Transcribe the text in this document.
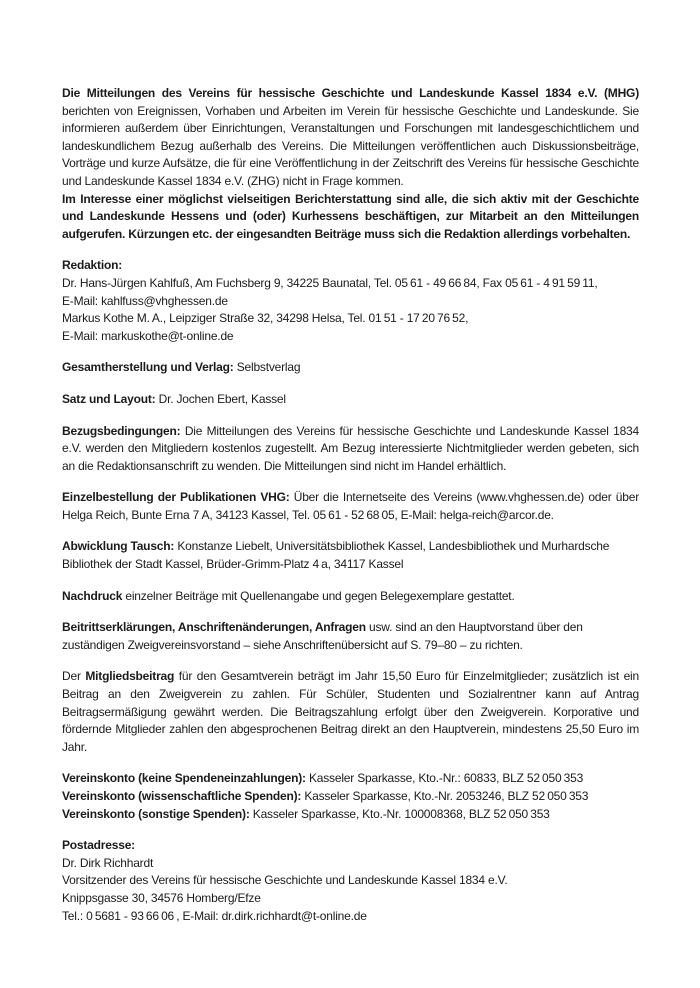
Die Mitteilungen des Vereins für hessische Geschichte und Landeskunde Kassel 1834 e.V. (MHG) berichten von Ereignissen, Vorhaben und Arbeiten im Verein für hessische Geschichte und Landeskunde. Sie informieren außerdem über Einrichtungen, Veranstaltungen und Forschungen mit landesgeschichtlichem und landeskundlichem Bezug außerhalb des Vereins. Die Mitteilungen veröffentlichen auch Diskussionsbeiträge, Vorträge und kurze Aufsätze, die für eine Veröffentlichung in der Zeitschrift des Vereins für hessische Geschichte und Landeskunde Kassel 1834 e.V. (ZHG) nicht in Frage kommen.
Im Interesse einer möglichst vielseitigen Berichterstattung sind alle, die sich aktiv mit der Geschichte und Landeskunde Hessens und (oder) Kurhessens beschäftigen, zur Mitarbeit an den Mitteilungen aufgerufen. Kürzungen etc. der eingesandten Beiträge muss sich die Redaktion allerdings vorbehalten.
Redaktion:
Dr. Hans-Jürgen Kahlfuß, Am Fuchsberg 9, 34225 Baunatal, Tel. 05 61 - 49 66 84, Fax 05 61 - 4 91 59 11,
E-Mail: kahlfuss@vhghessen.de
Markus Kothe M. A., Leipziger Straße 32, 34298 Helsa, Tel. 01 51 - 17 20 76 52,
E-Mail: markuskothe@t-online.de
Gesamtherstellung und Verlag: Selbstverlag
Satz und Layout: Dr. Jochen Ebert, Kassel
Bezugsbedingungen: Die Mitteilungen des Vereins für hessische Geschichte und Landeskunde Kassel 1834 e.V. werden den Mitgliedern kostenlos zugestellt. Am Bezug interessierte Nichtmitglieder werden gebeten, sich an die Redaktionsanschrift zu wenden. Die Mitteilungen sind nicht im Handel erhältlich.
Einzelbestellung der Publikationen VHG: Über die Internetseite des Vereins (www.vhghessen.de) oder über Helga Reich, Bunte Erna 7 A, 34123 Kassel, Tel. 05 61 - 52 68 05, E-Mail: helga-reich@arcor.de.
Abwicklung Tausch: Konstanze Liebelt, Universitätsbibliothek Kassel, Landesbibliothek und Murhardsche Bibliothek der Stadt Kassel, Brüder-Grimm-Platz 4 a, 34117 Kassel
Nachdruck einzelner Beiträge mit Quellenangabe und gegen Belegexemplare gestattet.
Beitrittserklärungen, Anschriftenänderungen, Anfragen usw. sind an den Hauptvorstand über den zuständigen Zweigvereinsvorstand – siehe Anschriftenübersicht auf S. 79–80 – zu richten.
Der Mitgliedsbeitrag für den Gesamtverein beträgt im Jahr 15,50 Euro für Einzelmitglieder; zusätzlich ist ein Beitrag an den Zweigverein zu zahlen. Für Schüler, Studenten und Sozialrentner kann auf Antrag Beitragsermäßigung gewährt werden. Die Beitragszahlung erfolgt über den Zweigverein. Korporative und fördernde Mitglieder zahlen den abgesprochenen Beitrag direkt an den Hauptverein, mindestens 25,50 Euro im Jahr.
Vereinskonto (keine Spendeneinzahlungen): Kasseler Sparkasse, Kto.-Nr.: 60833, BLZ 52 050 353
Vereinskonto (wissenschaftliche Spenden): Kasseler Sparkasse, Kto.-Nr. 2053246, BLZ 52 050 353
Vereinskonto (sonstige Spenden): Kasseler Sparkasse, Kto.-Nr. 100008368, BLZ 52 050 353
Postadresse:
Dr. Dirk Richhardt
Vorsitzender des Vereins für hessische Geschichte und Landeskunde Kassel 1834 e.V.
Knippsgasse 30, 34576 Homberg/Efze
Tel.: 0 5681 - 93 66 06 , E-Mail: dr.dirk.richhardt@t-online.de
